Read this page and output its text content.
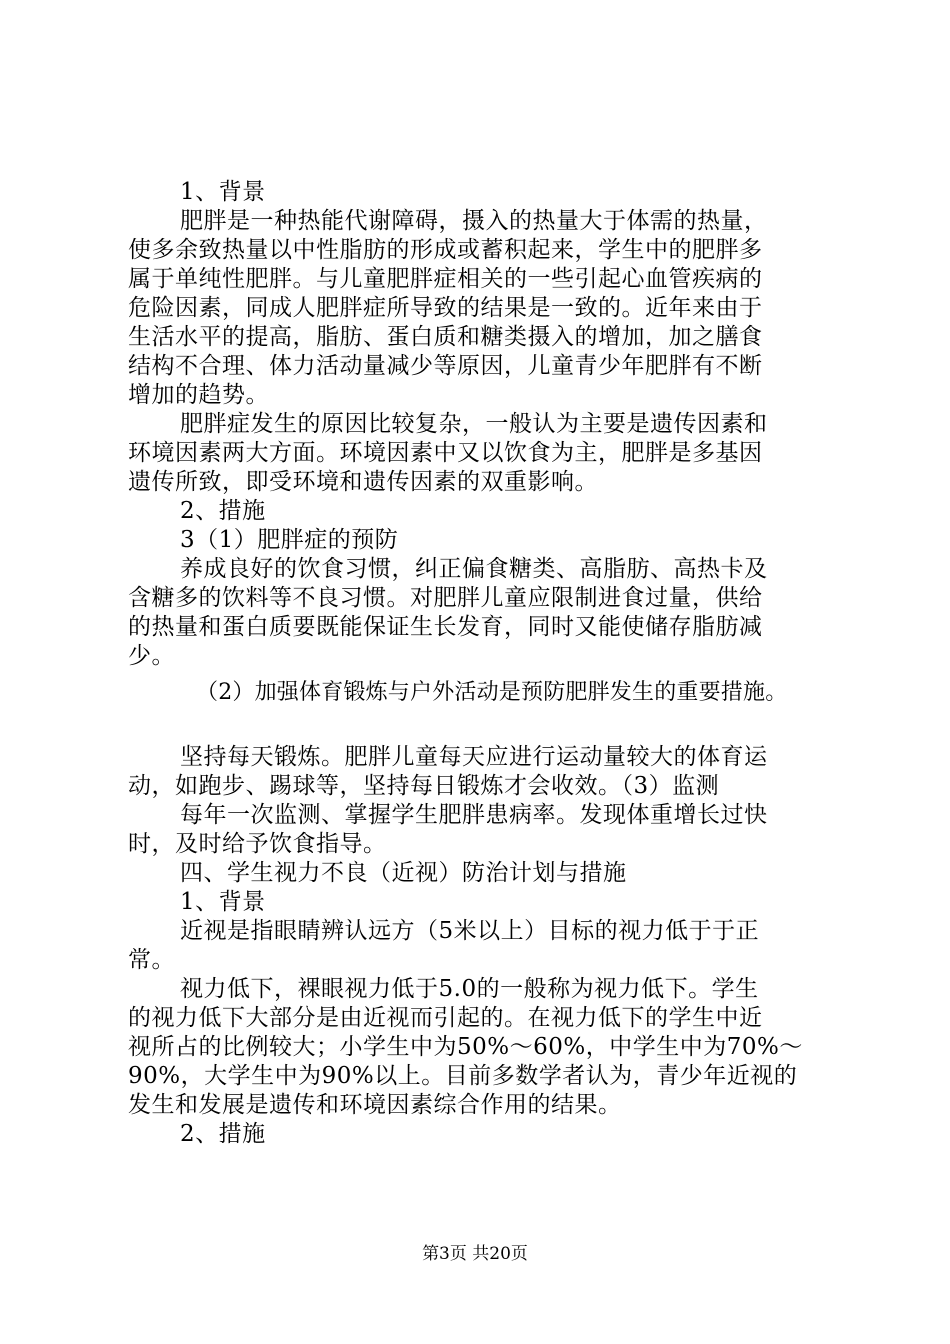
1、背景
肥胖是一种热能代谢障碍，摄入的热量大于体需的热量，
使多余致热量以中性脂肪的形成或蓄积起来，学生中的肥胖多
属于单纯性肥胖。与儿童肥胖症相关的一些引起心血管疾病的
危险因素，同成人肥胖症所导致的结果是一致的。近年来由于
生活水平的提高，脂肪、蛋白质和糖类摄入的增加，加之膳食
结构不合理、体力活动量减少等原因，儿童青少年肥胖有不断
增加的趋势。
肥胖症发生的原因比较复杂，一般认为主要是遗传因素和
环境因素两大方面。环境因素中又以饮食为主，肥胖是多基因
遗传所致，即受环境和遗传因素的双重影响。
2、措施
3（1）肥胖症的预防
养成良好的饮食习惯，纠正偏食糖类、高脂肪、高热卡及
含糖多的饮料等不良习惯。对肥胖儿童应限制进食过量，供给
的热量和蛋白质要既能保证生长发育，同时又能使储存脂肪减
少。
（2）加强体育锻炼与户外活动是预防肥胖发生的重要措施。
坚持每天锻炼。肥胖儿童每天应进行运动量较大的体育运
动，如跑步、踢球等，坚持每日锻炼才会收效。（3）监测
每年一次监测、掌握学生肥胖患病率。发现体重增长过快
时，及时给予饮食指导。
四、学生视力不良（近视）防治计划与措施
1、背景
近视是指眼睛辨认远方（5米以上）目标的视力低于于正
常。
视力低下，裸眼视力低于5.0的一般称为视力低下。学生
的视力低下大部分是由近视而引起的。在视力低下的学生中近
视所占的比例较大；小学生中为50%～60%，中学生中为70%～
90%，大学生中为90%以上。目前多数学者认为，青少年近视的
发生和发展是遗传和环境因素综合作用的结果。
2、措施
第3页 共20页
